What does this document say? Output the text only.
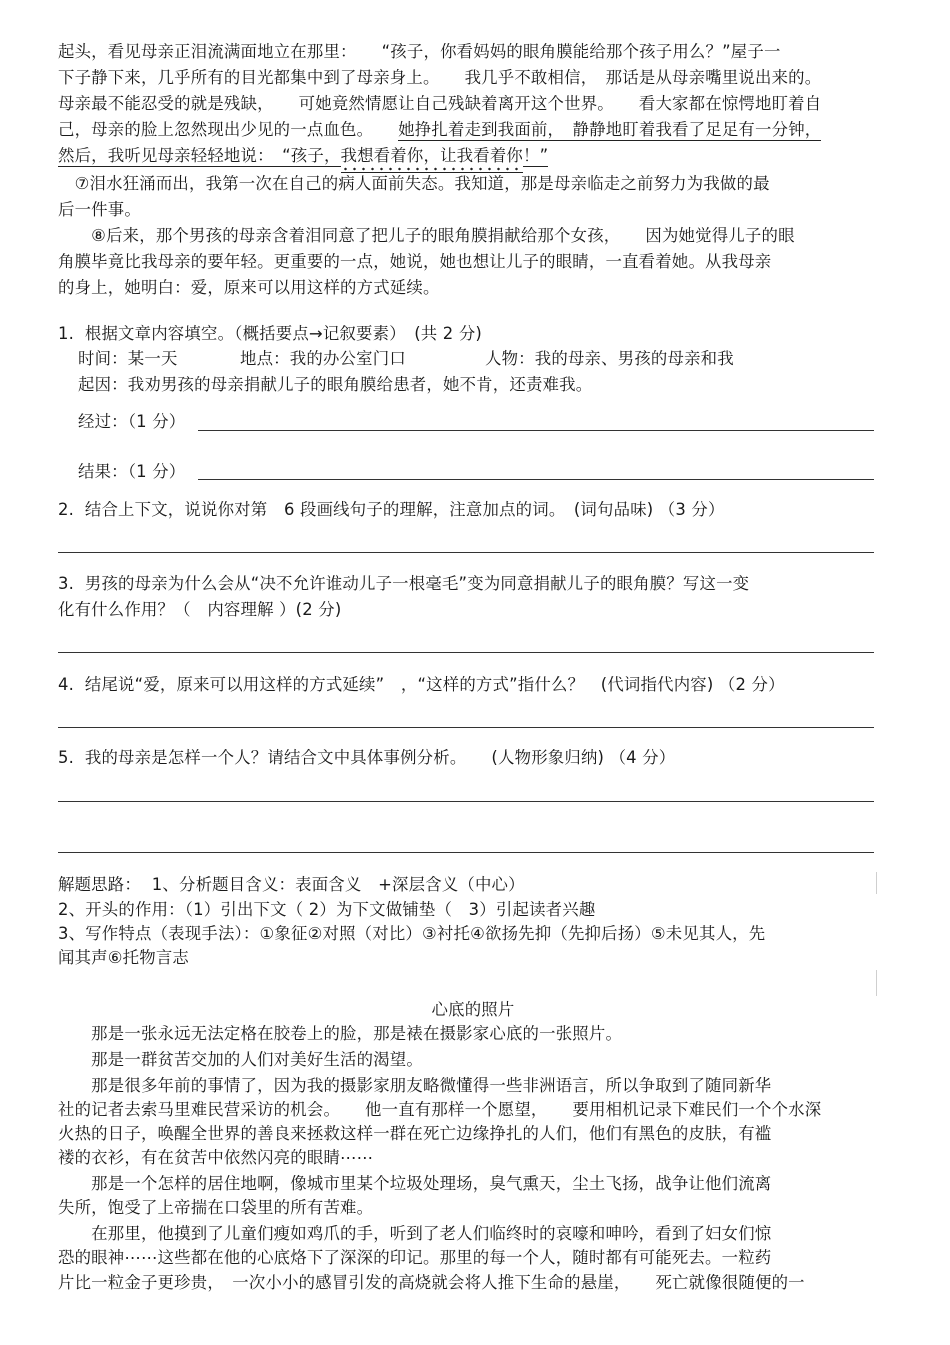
起头，看见母亲正泪流满面地立在那里：　　“孩子，你看妈妈的眼角膜能给那个孩子用么？”屋子一
下子静下来，几乎所有的目光都集中到了母亲身上。　　我几乎不敢相信，　那话是从母亲嘴里说出来的。
母亲最不能忍受的就是残缺，　　可她竟然情愿让自己残缺着离开这个世界。　　看大家都在惊愕地盯着自
己，母亲的脸上忽然现出少见的一点血色。　　 她挣扎着走到我面前，　静静地盯着我看了足足有一分钟，
然后，我听见母亲轻轻地说：　“孩子，我想看着你，让我看着你！”
　⑦泪水狂涌而出，我第一次在自己的病人面前失态。我知道，那是母亲临走之前努力为我做的最
后一件事。
　　⑧后来，那个男孩的母亲含着泪同意了把儿子的眼角膜捐献给那个女孩，　　因为她觉得儿子的眼
角膜毕竟比我母亲的要年轻。更重要的一点，她说，她也想让儿子的眼睛，一直看着她。从我母亲
的身上，她明白：爱，原来可以用这样的方式延续。
1.  根据文章内容填空。（概括要点→记叙要素）　(共 2 分)
时间：某一天	地点：我的办公室门口	人物：我的母亲、男孩的母亲和我
起因：我劝男孩的母亲捐献儿子的眼角膜给患者，她不肯，还责难我。
经过：（1 分）
结果：（1 分）
2.  结合上下文，说说你对第　6 段画线句子的理解，注意加点的词。　(词句品味) （3 分）
3.  男孩的母亲为什么会从“决不允许谁动儿子一根毫毛”变为同意捐献儿子的眼角膜？写这一变
化有什么作用？（　内容理解 ）(2 分)
4.  结尾说“爱，原来可以用这样的方式延续”　，“这样的方式”指什么？　(代词指代内容) （2 分）
5.  我的母亲是怎样一个人？请结合文中具体事例分析。　　(人物形象归纳) （4 分）
解题思路：  1、分析题目含义：表面含义　+深层含义（中心）
2、开头的作用：（1）引出下文（ 2）为下文做铺垫（　3）引起读者兴趣
3、写作特点（表现手法）：①象征②对照（对比）③衬托④欲扬先抑（先抑后扬）⑤未见其人，先
闻其声⑥托物言志
心底的照片
　　那是一张永远无法定格在胶卷上的脸，那是裱在摄影家心底的一张照片。
　　那是一群贫苦交加的人们对美好生活的渴望。
　　那是很多年前的事情了，因为我的摄影家朋友略微懂得一些非洲语言，所以争取到了随同新华
社的记者去索马里难民营采访的机会。　　他一直有那样一个愿望，　　要用相机记录下难民们一个个水深
火热的日子，唤醒全世界的善良来拯救这样一群在死亡边缘挣扎的人们，他们有黑色的皮肤，有褴
褛的衣衫，有在贫苦中依然闪亮的眼睛⋯⋯
　　那是一个怎样的居住地啊，像城市里某个垃圾处理场，臭气熏天，尘土飞扬，战争让他们流离
失所，饱受了上帝揣在口袋里的所有苦难。
　　在那里，他摸到了儿童们瘦如鸡爪的手，听到了老人们临终时的哀嚎和呻吟，看到了妇女们惊
恐的眼神⋯⋯这些都在他的心底烙下了深深的印记。那里的每一个人，随时都有可能死去。一粒药
片比一粒金子更珍贵，　一次小小的感冒引发的高烧就会将人推下生命的悬崖，　　死亡就像很随便的一
